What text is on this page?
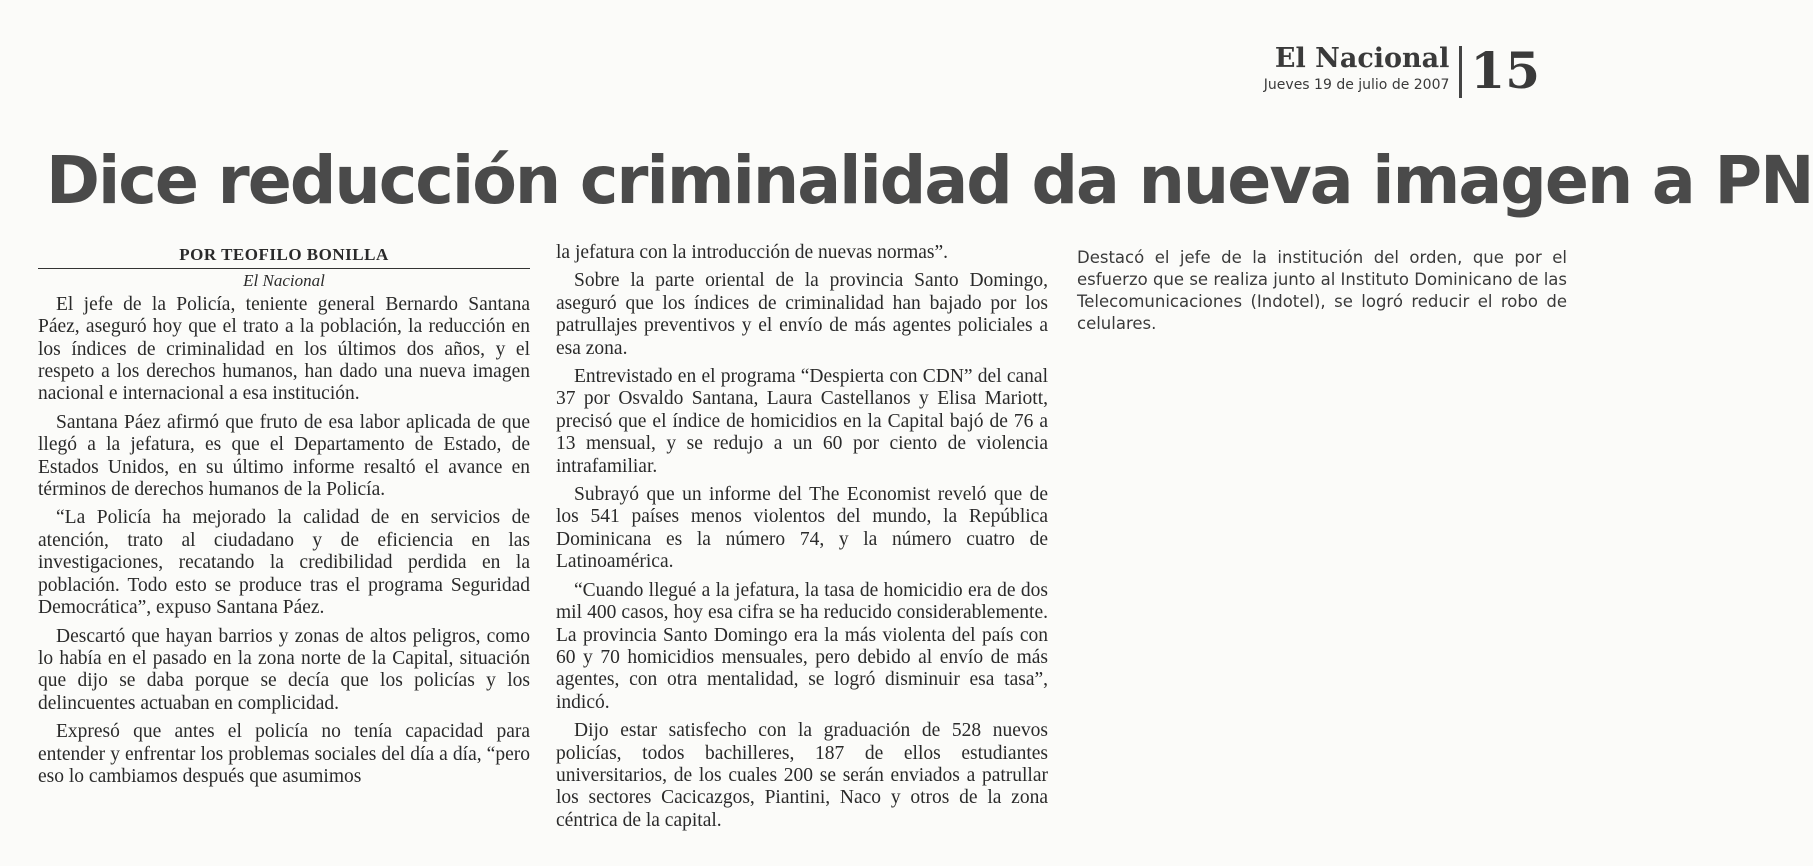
El Nacional
Jueves 19 de julio de 2007 15
Dice reducción criminalidad da nueva imagen a PN
POR TEOFILO BONILLA
El Nacional

El jefe de la Policía, teniente general Bernardo Santana Páez, aseguró hoy que el trato a la población, la reducción en los índices de criminalidad en los últimos dos años, y el respeto a los derechos humanos, han dado una nueva imagen nacional e internacional a esa institución.

Santana Páez afirmó que fruto de esa labor aplicada de que llegó a la jefatura, es que el Departamento de Estado, de Estados Unidos, en su último informe resaltó el avance en términos de derechos humanos de la Policía.

“La Policía ha mejorado la calidad de en servicios de atención, trato al ciudadano y de eficiencia en las investigaciones, recatando la credibilidad perdida en la población. Todo esto se produce tras el programa Seguridad Democrática”, expuso Santana Páez.

Descartó que hayan barrios y zonas de altos peligros, como lo había en el pasado en la zona norte de la Capital, situación que dijo se daba porque se decía que los policías y los delincuentes actuaban en complicidad.

Expresó que antes el policía no tenía capacidad para entender y enfrentar los problemas sociales del día a día, “pero eso lo cambiamos después que asumimos

la jefatura con la introducción de nuevas normas”.

Sobre la parte oriental de la provincia Santo Domingo, aseguró que los índices de criminalidad han bajado por los patrullajes preventivos y el envío de más agentes policiales a esa zona.

Entrevistado en el programa “Despierta con CDN” del canal 37 por Osvaldo Santana, Laura Castellanos y Elisa Mariott, precisó que el índice de homicidios en la Capital bajó de 76 a 13 mensual, y se redujo a un 60 por ciento de violencia intrafamiliar.

Subrayó que un informe del The Economist reveló que de los 541 países menos violentos del mundo, la República Dominicana es la número 74, y la número cuatro de Latinoamérica.

“Cuando llegué a la jefatura, la tasa de homicidio era de dos mil 400 casos, hoy esa cifra se ha reducido considerablemente. La provincia Santo Domingo era la más violenta del país con 60 y 70 homicidios mensuales, pero debido al envío de más agentes, con otra mentalidad, se logró disminuir esa tasa”, indicó.

Dijo estar satisfecho con la graduación de 528 nuevos policías, todos bachilleres, 187 de ellos estudiantes universitarios, de los cuales 200 se serán enviados a patrullar los sectores Cacicazgos, Piantini, Naco y otros de la zona céntrica de la capital.

Destacó el jefe de la institución del orden, que por el esfuerzo que se realiza junto al Instituto Dominicano de las Telecomunicaciones (Indotel), se logró reducir el robo de celulares.
